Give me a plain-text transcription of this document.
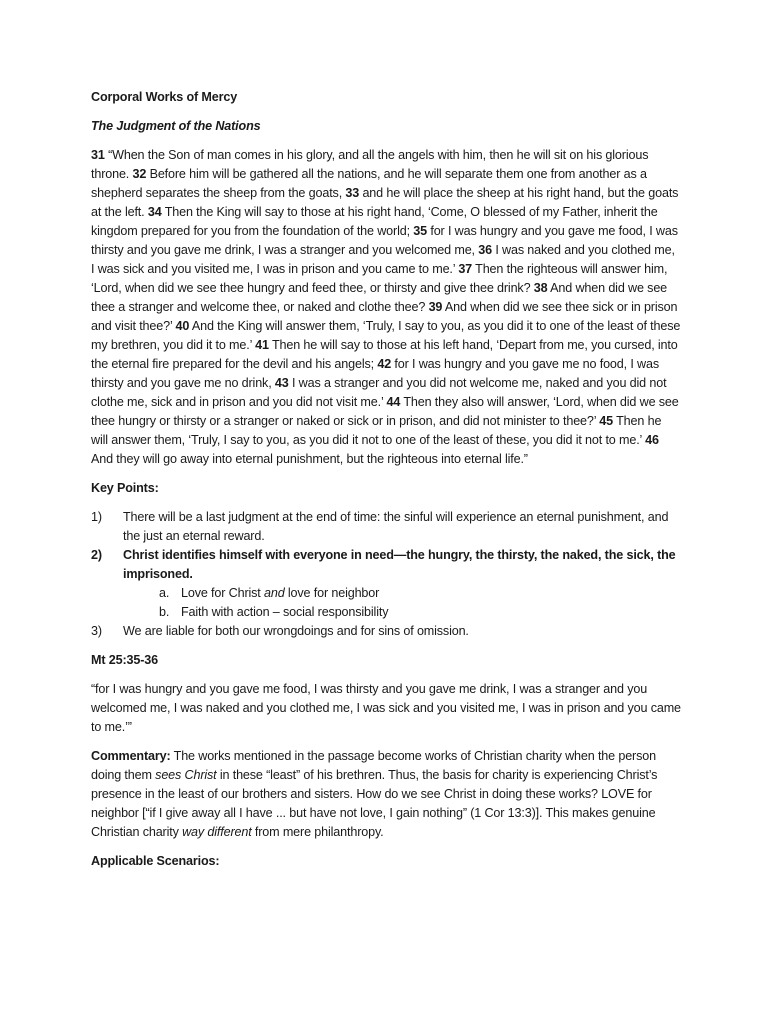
Corporal Works of Mercy
The Judgment of the Nations

31 “When the Son of man comes in his glory, and all the angels with him, then he will sit on his glorious throne. 32 Before him will be gathered all the nations, and he will separate them one from another as a shepherd separates the sheep from the goats, 33 and he will place the sheep at his right hand, but the goats at the left. 34 Then the King will say to those at his right hand, ‘Come, O blessed of my Father, inherit the kingdom prepared for you from the foundation of the world; 35 for I was hungry and you gave me food, I was thirsty and you gave me drink, I was a stranger and you welcomed me, 36 I was naked and you clothed me, I was sick and you visited me, I was in prison and you came to me.’ 37 Then the righteous will answer him, ‘Lord, when did we see thee hungry and feed thee, or thirsty and give thee drink? 38 And when did we see thee a stranger and welcome thee, or naked and clothe thee? 39 And when did we see thee sick or in prison and visit thee?’ 40 And the King will answer them, ‘Truly, I say to you, as you did it to one of the least of these my brethren, you did it to me.’ 41 Then he will say to those at his left hand, ‘Depart from me, you cursed, into the eternal fire prepared for the devil and his angels; 42 for I was hungry and you gave me no food, I was thirsty and you gave me no drink, 43 I was a stranger and you did not welcome me, naked and you did not clothe me, sick and in prison and you did not visit me.’ 44 Then they also will answer, ‘Lord, when did we see thee hungry or thirsty or a stranger or naked or sick or in prison, and did not minister to thee?’ 45 Then he will answer them, ‘Truly, I say to you, as you did it not to one of the least of these, you did it not to me.’ 46 And they will go away into eternal punishment, but the righteous into eternal life.”

Key Points:
1) There will be a last judgment at the end of time: the sinful will experience an eternal punishment, and the just an eternal reward.
2) Christ identifies himself with everyone in need—the hungry, the thirsty, the naked, the sick, the imprisoned.
a. Love for Christ and love for neighbor
b. Faith with action – social responsibility
3) We are liable for both our wrongdoings and for sins of omission.
Mt 25:35-36

“for I was hungry and you gave me food, I was thirsty and you gave me drink, I was a stranger and you welcomed me, I was naked and you clothed me, I was sick and you visited me, I was in prison and you came to me.’”

Commentary: The works mentioned in the passage become works of Christian charity when the person doing them sees Christ in these “least” of his brethren. Thus, the basis for charity is experiencing Christ’s presence in the least of our brothers and sisters. How do we see Christ in doing these works? LOVE for neighbor [“if I give away all I have ... but have not love, I gain nothing” (1 Cor 13:3)]. This makes genuine Christian charity way different from mere philanthropy.

Applicable Scenarios:
